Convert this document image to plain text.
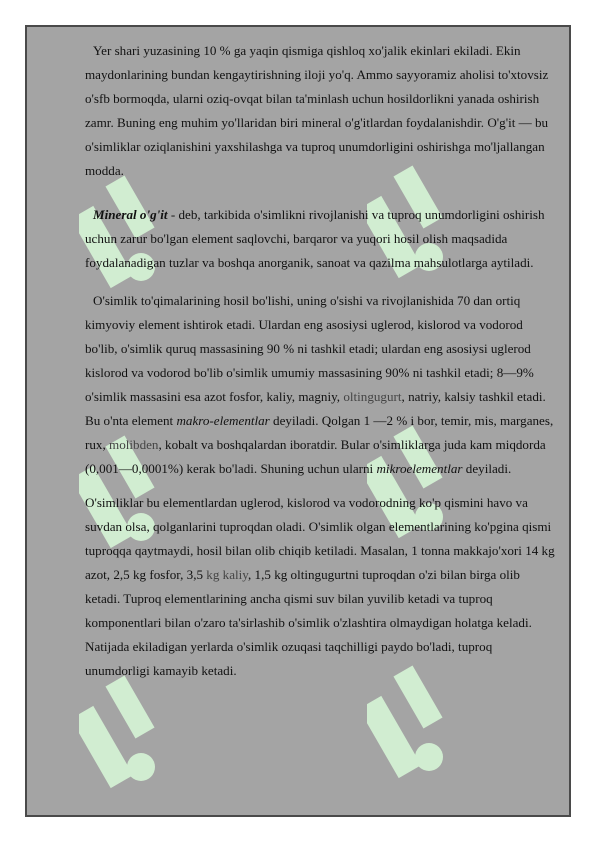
Yer shari yuzasining 10 % ga yaqin qismiga qishloq xo'jalik ekinlari ekiladi. Ekin maydonlarining bundan kengaytirishning iloji yo'q. Ammo sayyoramiz aholisi to'xtovsiz o'sfb bormoqda, ularni oziq-ovqat bilan ta'minlash uchun hosildorlikni yanada oshirish zamr. Buning eng muhim yo'llaridan biri mineral o'g'itlardan foydalanishdir. O'g'it — bu o'simliklar oziqlanishini yaxshilashga va tuproq unumdorligini oshirishga mo'ljallangan modda.

Mineral o'g'it - deb, tarkibida o'simlikni rivojlanishi va tuproq unumdorligini oshirish uchun zarur bo'lgan element saqlovchi, barqaror va yuqori hosil olish maqsadida foydalanadigan tuzlar va boshqa anorganik, sanoat va qazilma mahsulotlarga aytiladi.

O'simlik to'qimalarining hosil bo'lishi, uning o'sishi va rivojlanishida 70 dan ortiq kimyoviy element ishtirok etadi. Ulardan eng asosiysi uglerod, kislorod va vodorod bo'lib, o'simlik quruq massasining 90 % ni tashkil etadi; ulardan eng asosiysi uglerod kislorod va vodorod bo'lib o'simlik umumiy massasining 90% ni tashkil etadi; 8—9% o'simlik massasini esa azot fosfor, kaliy, magniy, oltingugurt, natriy, kalsiy tashkil etadi. Bu o'nta element makro-elementlar deyiladi. Qolgan 1 —2 % i bor, temir, mis, marganes, rux, molibden, kobalt va boshqalardan iboratdir. Bular o'simliklarga juda kam miqdorda (0,001—0,0001%) kerak bo'ladi. Shuning uchun ularni mikroelementlar deyiladi.

O'simliklar bu elementlardan uglerod, kislorod va vodorodning ko'p qismini havo va suvdan olsa, qolganlarini tuproqdan oladi. O'simlik olgan elementlarining ko'pgina qismi tuproqqa qaytmaydi, hosil bilan olib chiqib ketiladi. Masalan, 1 tonna makkajo'xori 14 kg azot, 2,5 kg fosfor, 3,5 kg kaliy, 1,5 kg oltingugurtni tuproqdan o'zi bilan birga olib ketadi. Tuproq elementlarining ancha qismi suv bilan yuvilib ketadi va tuproq komponentlari bilan o'zaro ta'sirlashib o'simlik o'zlashtira olmaydigan holatga keladi. Natijada ekiladigan yerlarda o'simlik ozuqasi taqchilligi paydo bo'ladi, tuproq unumdorligi kamayib ketadi.
